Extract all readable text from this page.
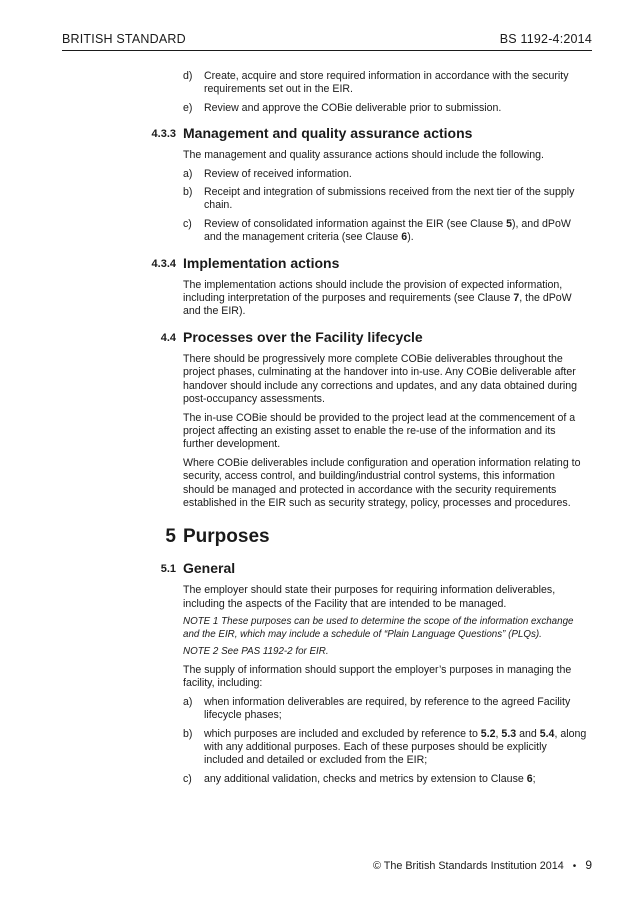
BRITISH STANDARD	BS 1192-4:2014
d) Create, acquire and store required information in accordance with the security requirements set out in the EIR.
e) Review and approve the COBie deliverable prior to submission.
4.3.3 Management and quality assurance actions
The management and quality assurance actions should include the following.
a) Review of received information.
b) Receipt and integration of submissions received from the next tier of the supply chain.
c) Review of consolidated information against the EIR (see Clause 5), and dPoW and the management criteria (see Clause 6).
4.3.4 Implementation actions
The implementation actions should include the provision of expected information, including interpretation of the purposes and requirements (see Clause 7, the dPoW and the EIR).
4.4 Processes over the Facility lifecycle
There should be progressively more complete COBie deliverables throughout the project phases, culminating at the handover into in-use. Any COBie deliverable after handover should include any corrections and updates, and any data obtained during post-occupancy assessments.
The in-use COBie should be provided to the project lead at the commencement of a project affecting an existing asset to enable the re-use of the information and its further development.
Where COBie deliverables include configuration and operation information relating to security, access control, and building/industrial control systems, this information should be managed and protected in accordance with the security requirements established in the EIR such as security strategy, policy, processes and procedures.
5 Purposes
5.1 General
The employer should state their purposes for requiring information deliverables, including the aspects of the Facility that are intended to be managed.
NOTE 1 These purposes can be used to determine the scope of the information exchange and the EIR, which may include a schedule of “Plain Language Questions” (PLQs).
NOTE 2 See PAS 1192-2 for EIR.
The supply of information should support the employer’s purposes in managing the facility, including:
a) when information deliverables are required, by reference to the agreed Facility lifecycle phases;
b) which purposes are included and excluded by reference to 5.2, 5.3 and 5.4, along with any additional purposes. Each of these purposes should be explicitly included and detailed or excluded from the EIR;
c) any additional validation, checks and metrics by extension to Clause 6;
© The British Standards Institution 2014 • 9
